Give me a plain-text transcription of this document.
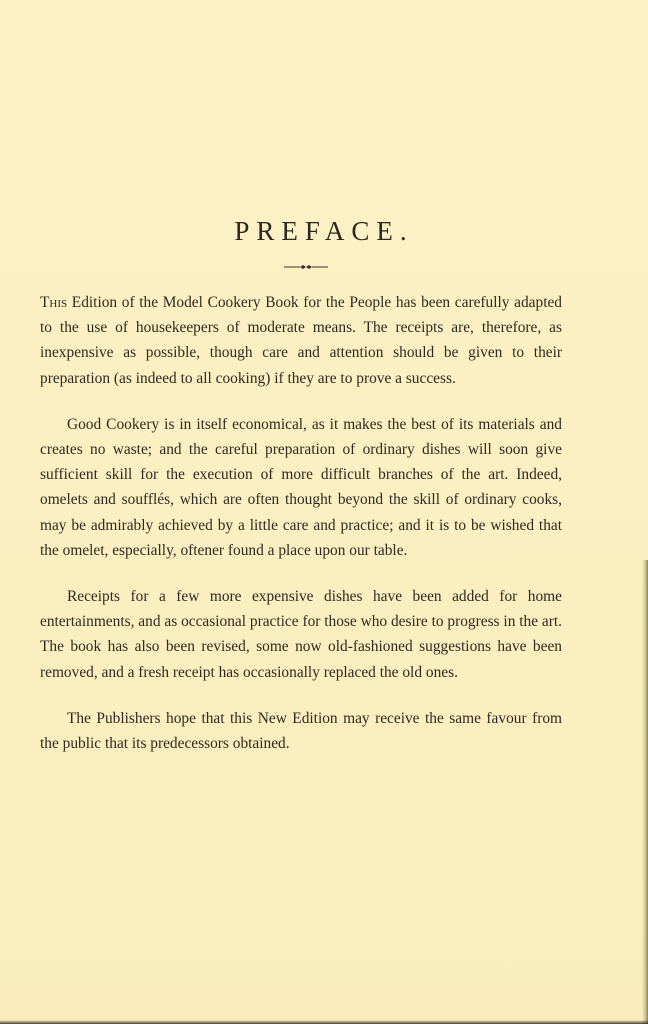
PREFACE.

This Edition of the Model Cookery Book for the People has been carefully adapted to the use of housekeepers of moderate means. The receipts are, therefore, as inexpensive as possible, though care and attention should be given to their preparation (as indeed to all cooking) if they are to prove a success.

Good Cookery is in itself economical, as it makes the best of its materials and creates no waste; and the careful preparation of ordinary dishes will soon give sufficient skill for the execution of more difficult branches of the art. Indeed, omelets and soufflés, which are often thought beyond the skill of ordinary cooks, may be admirably achieved by a little care and practice; and it is to be wished that the omelet, especially, oftener found a place upon our table.

Receipts for a few more expensive dishes have been added for home entertainments, and as occasional practice for those who desire to progress in the art. The book has also been revised, some now old-fashioned suggestions have been removed, and a fresh receipt has occasionally replaced the old ones.

The Publishers hope that this New Edition may receive the same favour from the public that its predecessors obtained.
